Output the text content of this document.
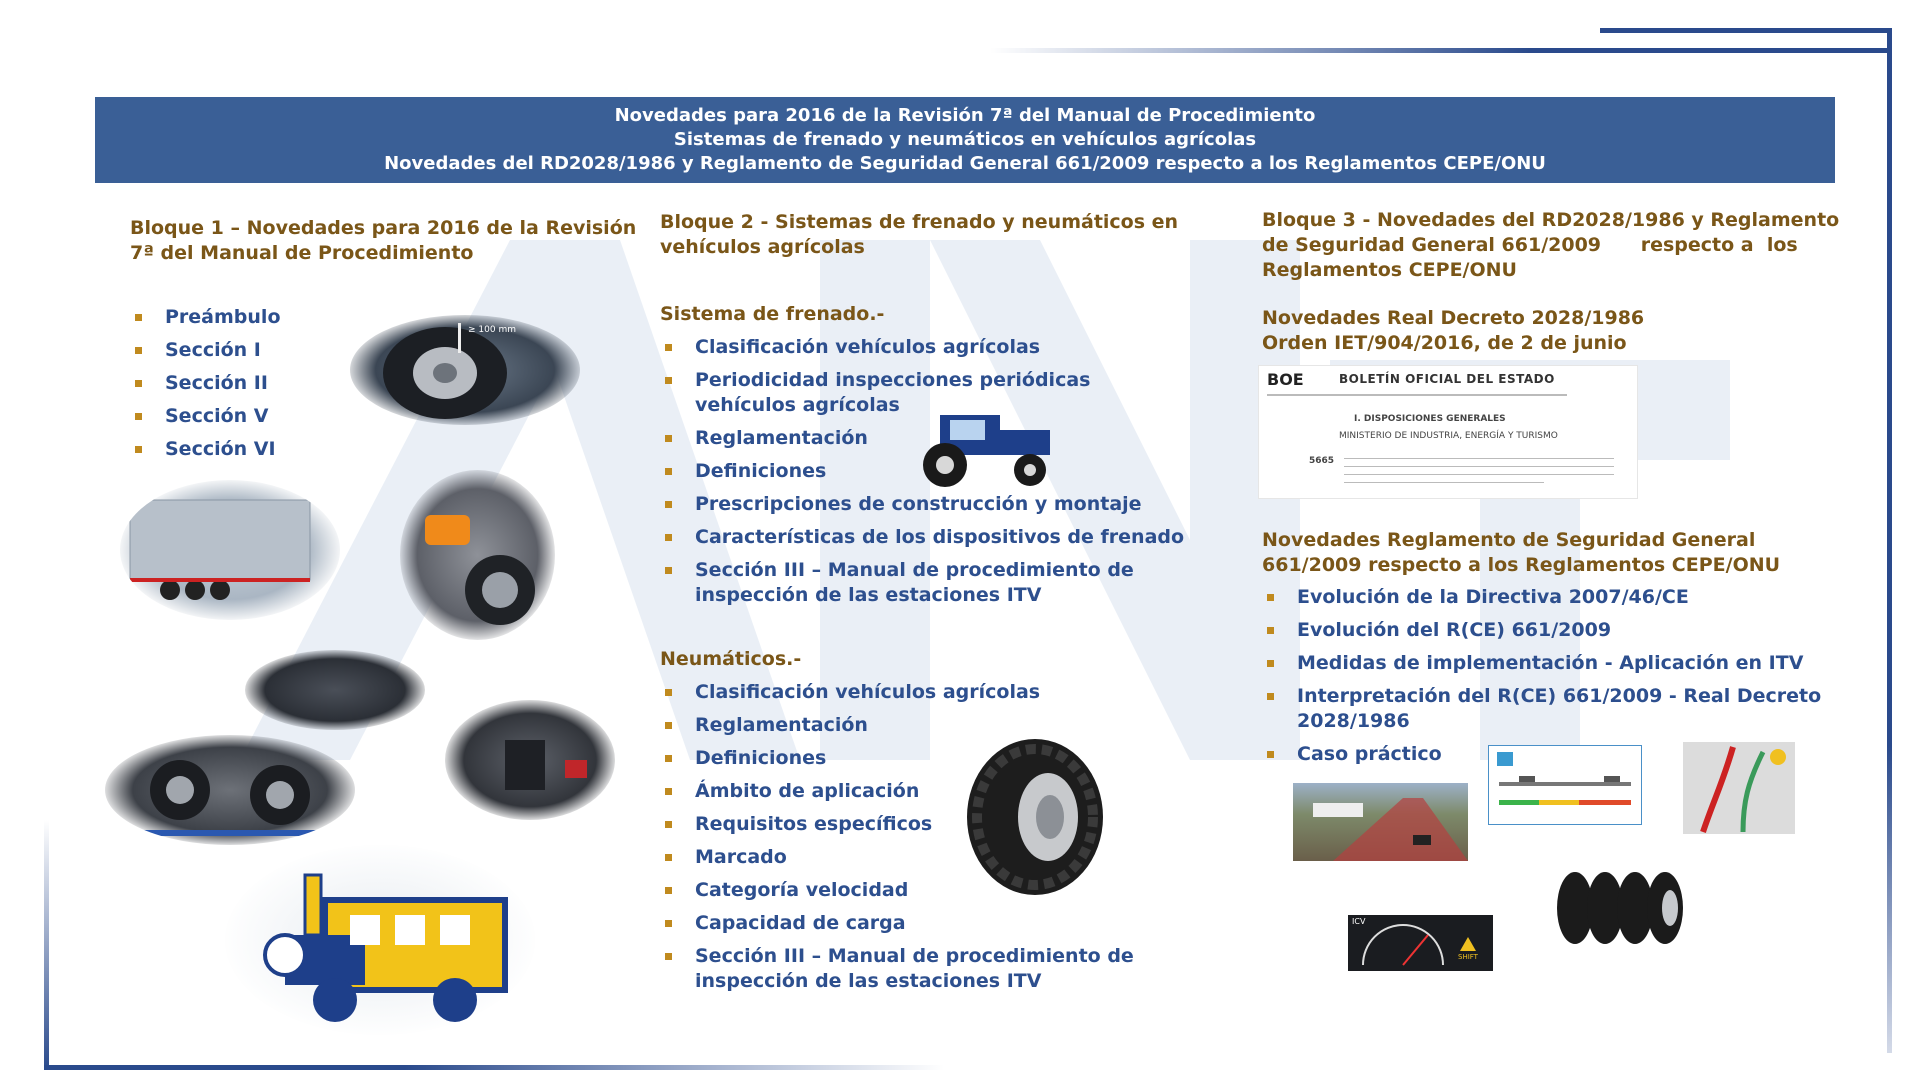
Novedades para 2016 de la Revisión 7ª del Manual de Procedimiento
Sistemas de frenado y neumáticos en vehículos agrícolas
Novedades del RD2028/1986 y Reglamento de Seguridad General 661/2009 respecto a los Reglamentos CEPE/ONU
Bloque 1 – Novedades para 2016 de la Revisión
7ª del Manual de Procedimiento
Preámbulo
Sección I
Sección II
Sección V
Sección VI
≥ 100 mm
Bloque 2 - Sistemas de frenado y neumáticos en
vehículos agrícolas
Sistema de frenado.-
Clasificación vehículos agrícolas
Periodicidad inspecciones periódicas vehículos agrícolas
Reglamentación
Definiciones
Prescripciones de construcción y montaje
Características de los dispositivos de frenado
Sección III – Manual de procedimiento de inspección de las estaciones ITV
Neumáticos.-
Clasificación vehículos agrícolas
Reglamentación
Definiciones
Ámbito de aplicación
Requisitos específicos
Marcado
Categoría velocidad
Capacidad de carga
Sección III – Manual de procedimiento de inspección de las estaciones ITV
Bloque 3 - Novedades del RD2028/1986 y Reglamento
de Seguridad General 661/2009      respecto a  los
Reglamentos CEPE/ONU
Novedades Real Decreto 2028/1986
Orden IET/904/2016, de 2 de junio
BOE	BOLETÍN OFICIAL DEL ESTADO
I. DISPOSICIONES GENERALES
MINISTERIO DE INDUSTRIA, ENERGÍA Y TURISMO
5665
Novedades Reglamento de Seguridad General
661/2009 respecto a los Reglamentos CEPE/ONU
Evolución de la Directiva 2007/46/CE
Evolución del R(CE) 661/2009
Medidas de implementación - Aplicación en ITV
Interpretación del R(CE) 661/2009 - Real Decreto 2028/1986
Caso práctico
ICV
SHIFT
